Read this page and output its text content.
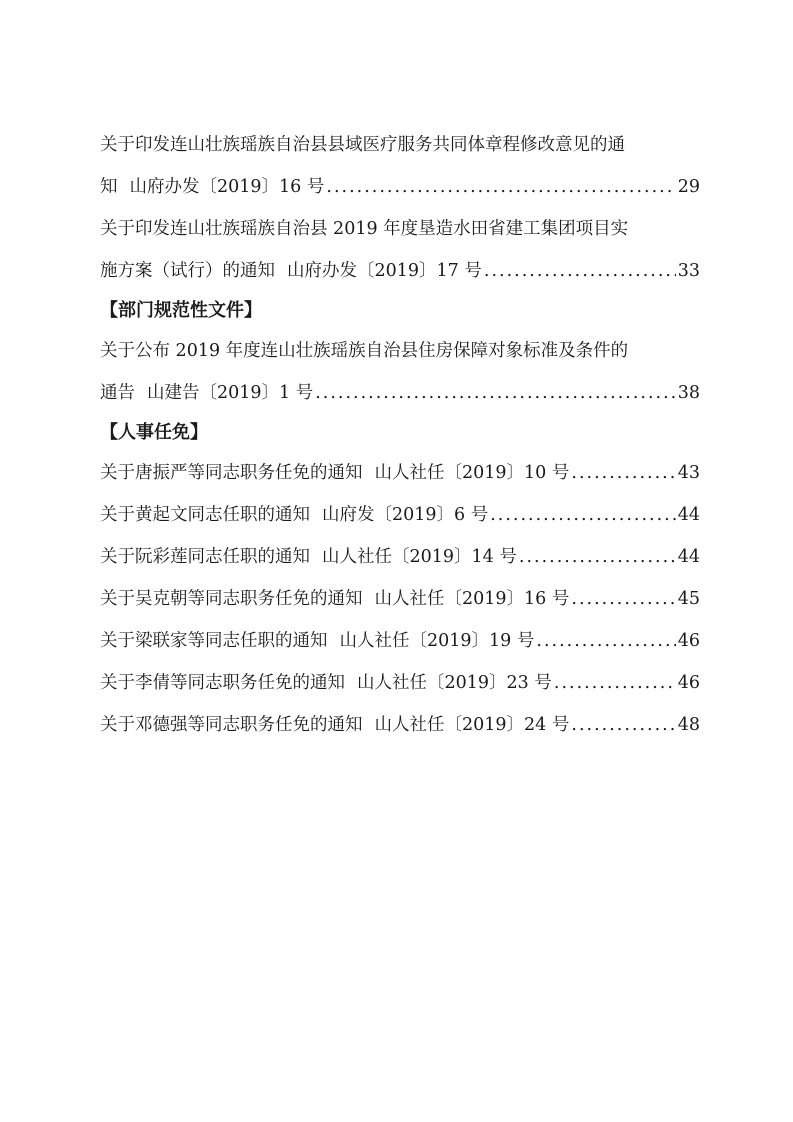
关于印发连山壮族瑶族自治县县域医疗服务共同体章程修改意见的通
知 山府办发〔2019〕16 号 .....	29
关于印发连山壮族瑶族自治县 2019 年度垦造水田省建工集团项目实
施方案（试行）的通知 山府办发〔2019〕17 号 .....	33
【部门规范性文件】
关于公布 2019 年度连山壮族瑶族自治县住房保障对象标准及条件的
通告 山建告〔2019〕1 号 .....	38
【人事任免】
关于唐振严等同志职务任免的通知 山人社任〔2019〕10 号 .....	43
关于黄起文同志任职的通知 山府发〔2019〕6 号 .....	44
关于阮彩莲同志任职的通知 山人社任〔2019〕14 号 .....	44
关于吴克朝等同志职务任免的通知 山人社任〔2019〕16 号 .....	45
关于梁联家等同志任职的通知 山人社任〔2019〕19 号 .....	46
关于李倩等同志职务任免的通知 山人社任〔2019〕23 号 .....	46
关于邓德强等同志职务任免的通知 山人社任〔2019〕24 号 .....	48
